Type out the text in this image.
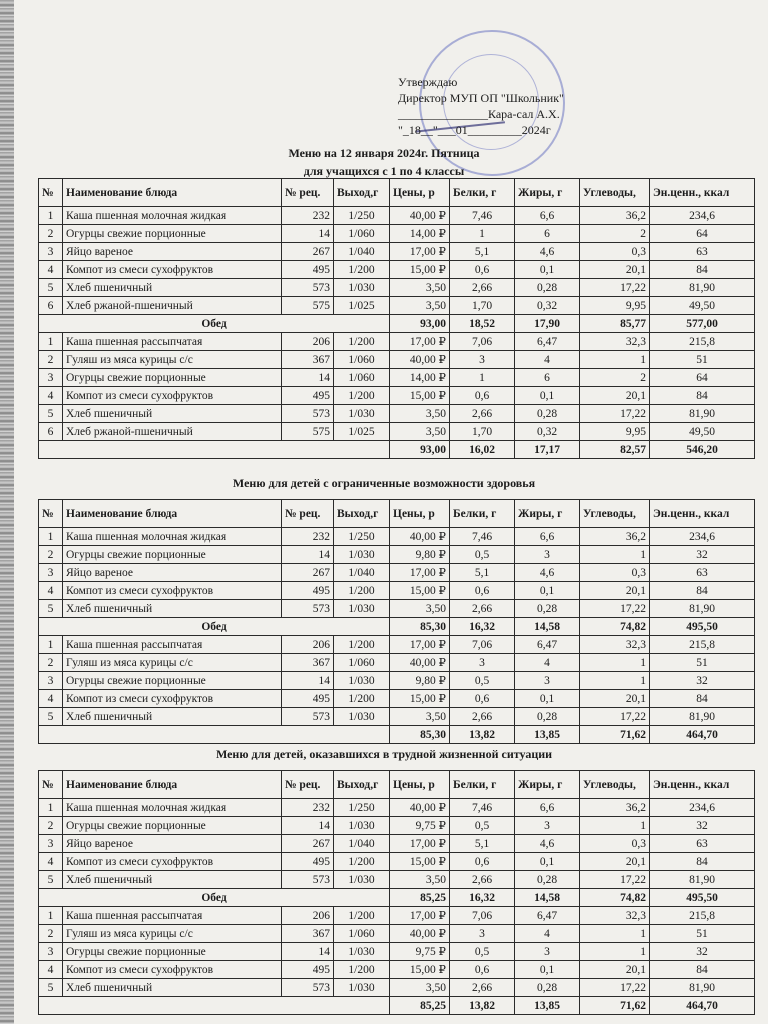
Утверждаю
Директор МУП ОП "Школьник"
_______________Кара-сал А.Х.
"_18__"___01_________2024г
Меню на 12 января 2024г. Пятница
для учащихся с 1 по 4 классы
№	Наименование блюда	№ рец.	Выход,г	Цены, р	Белки, г	Жиры, г	Углеводы,	Эн.ценн., ккал
1	Каша пшенная молочная жидкая	232	1/250	40,00 ₽	7,46	6,6	36,2	234,6
2	Огурцы свежие порционные	14	1/060	14,00 ₽	1	6	2	64
3	Яйцо вареное	267	1/040	17,00 ₽	5,1	4,6	0,3	63
4	Компот из смеси сухофруктов	495	1/200	15,00 ₽	0,6	0,1	20,1	84
5	Хлеб пшеничный	573	1/030	3,50	2,66	0,28	17,22	81,90
6	Хлеб ржаной-пшеничный	575	1/025	3,50	1,70	0,32	9,95	49,50
Обед				93,00	18,52	17,90	85,77	577,00
1	Каша пшенная рассыпчатая	206	1/200	17,00 ₽	7,06	6,47	32,3	215,8
2	Гуляш из мяса курицы с/с	367	1/060	40,00 ₽	3	4	1	51
3	Огурцы свежие порционные	14	1/060	14,00 ₽	1	6	2	64
4	Компот из смеси сухофруктов	495	1/200	15,00 ₽	0,6	0,1	20,1	84
5	Хлеб пшеничный	573	1/030	3,50	2,66	0,28	17,22	81,90
6	Хлеб ржаной-пшеничный	575	1/025	3,50	1,70	0,32	9,95	49,50
				93,00	16,02	17,17	82,57	546,20
Меню для детей с ограниченные возможности здоровья
№	Наименование блюда	№ рец.	Выход,г	Цены, р	Белки, г	Жиры, г	Углеводы,	Эн.ценн., ккал
1	Каша пшенная молочная жидкая	232	1/250	40,00 ₽	7,46	6,6	36,2	234,6
2	Огурцы свежие порционные	14	1/030	9,80 ₽	0,5	3	1	32
3	Яйцо вареное	267	1/040	17,00 ₽	5,1	4,6	0,3	63
4	Компот из смеси сухофруктов	495	1/200	15,00 ₽	0,6	0,1	20,1	84
5	Хлеб пшеничный	573	1/030	3,50	2,66	0,28	17,22	81,90
Обед				85,30	16,32	14,58	74,82	495,50
1	Каша пшенная рассыпчатая	206	1/200	17,00 ₽	7,06	6,47	32,3	215,8
2	Гуляш из мяса курицы с/с	367	1/060	40,00 ₽	3	4	1	51
3	Огурцы свежие порционные	14	1/030	9,80 ₽	0,5	3	1	32
4	Компот из смеси сухофруктов	495	1/200	15,00 ₽	0,6	0,1	20,1	84
5	Хлеб пшеничный	573	1/030	3,50	2,66	0,28	17,22	81,90
				85,30	13,82	13,85	71,62	464,70
Меню для детей, оказавшихся в трудной жизненной ситуации
№	Наименование блюда	№ рец.	Выход,г	Цены, р	Белки, г	Жиры, г	Углеводы,	Эн.ценн., ккал
1	Каша пшенная молочная жидкая	232	1/250	40,00 ₽	7,46	6,6	36,2	234,6
2	Огурцы свежие порционные	14	1/030	9,75 ₽	0,5	3	1	32
3	Яйцо вареное	267	1/040	17,00 ₽	5,1	4,6	0,3	63
4	Компот из смеси сухофруктов	495	1/200	15,00 ₽	0,6	0,1	20,1	84
5	Хлеб пшеничный	573	1/030	3,50	2,66	0,28	17,22	81,90
Обед				85,25	16,32	14,58	74,82	495,50
1	Каша пшенная рассыпчатая	206	1/200	17,00 ₽	7,06	6,47	32,3	215,8
2	Гуляш из мяса курицы с/с	367	1/060	40,00 ₽	3	4	1	51
3	Огурцы свежие порционные	14	1/030	9,75 ₽	0,5	3	1	32
4	Компот из смеси сухофруктов	495	1/200	15,00 ₽	0,6	0,1	20,1	84
5	Хлеб пшеничный	573	1/030	3,50	2,66	0,28	17,22	81,90
				85,25	13,82	13,85	71,62	464,70
